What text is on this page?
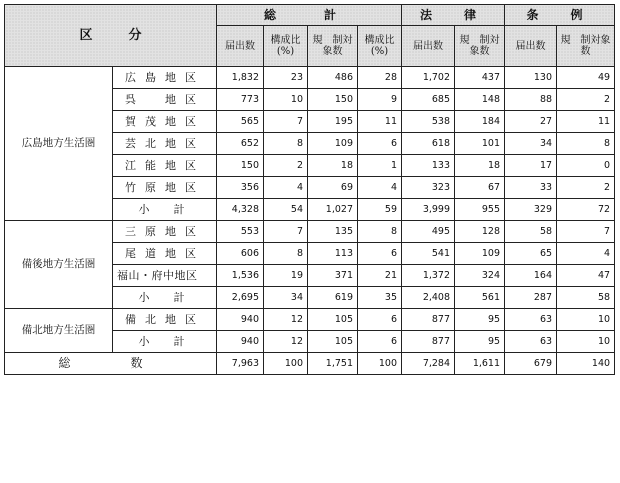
区 分		総　計				法　律		条　例	
		届出数	構成比(%)	規　制対象数	構成比(%)	届出数	規　制対象数	届出数	規　制対象数
広島地方生活圏	広島地区	1,832	23	486	28	1,702	437	130	49
	呉　地区	773	10	150	9	685	148	88	2
	賀茂地区	565	7	195	11	538	184	27	11
	芸北地区	652	8	109	6	618	101	34	8
	江能地区	150	2	18	1	133	18	17	0
	竹原地区	356	4	69	4	323	67	33	2
	小計	4,328	54	1,027	59	3,999	955	329	72
備後地方生活圏	三原地区	553	7	135	8	495	128	58	7
	尾道地区	606	8	113	6	541	109	65	4
	福山・府中地区	1,536	19	371	21	1,372	324	164	47
	小計	2,695	34	619	35	2,408	561	287	58
備北地方生活圏	備北地区	940	12	105	6	877	95	63	10
	小計	940	12	105	6	877	95	63	10
総数		7,963	100	1,751	100	7,284	1,611	679	140
